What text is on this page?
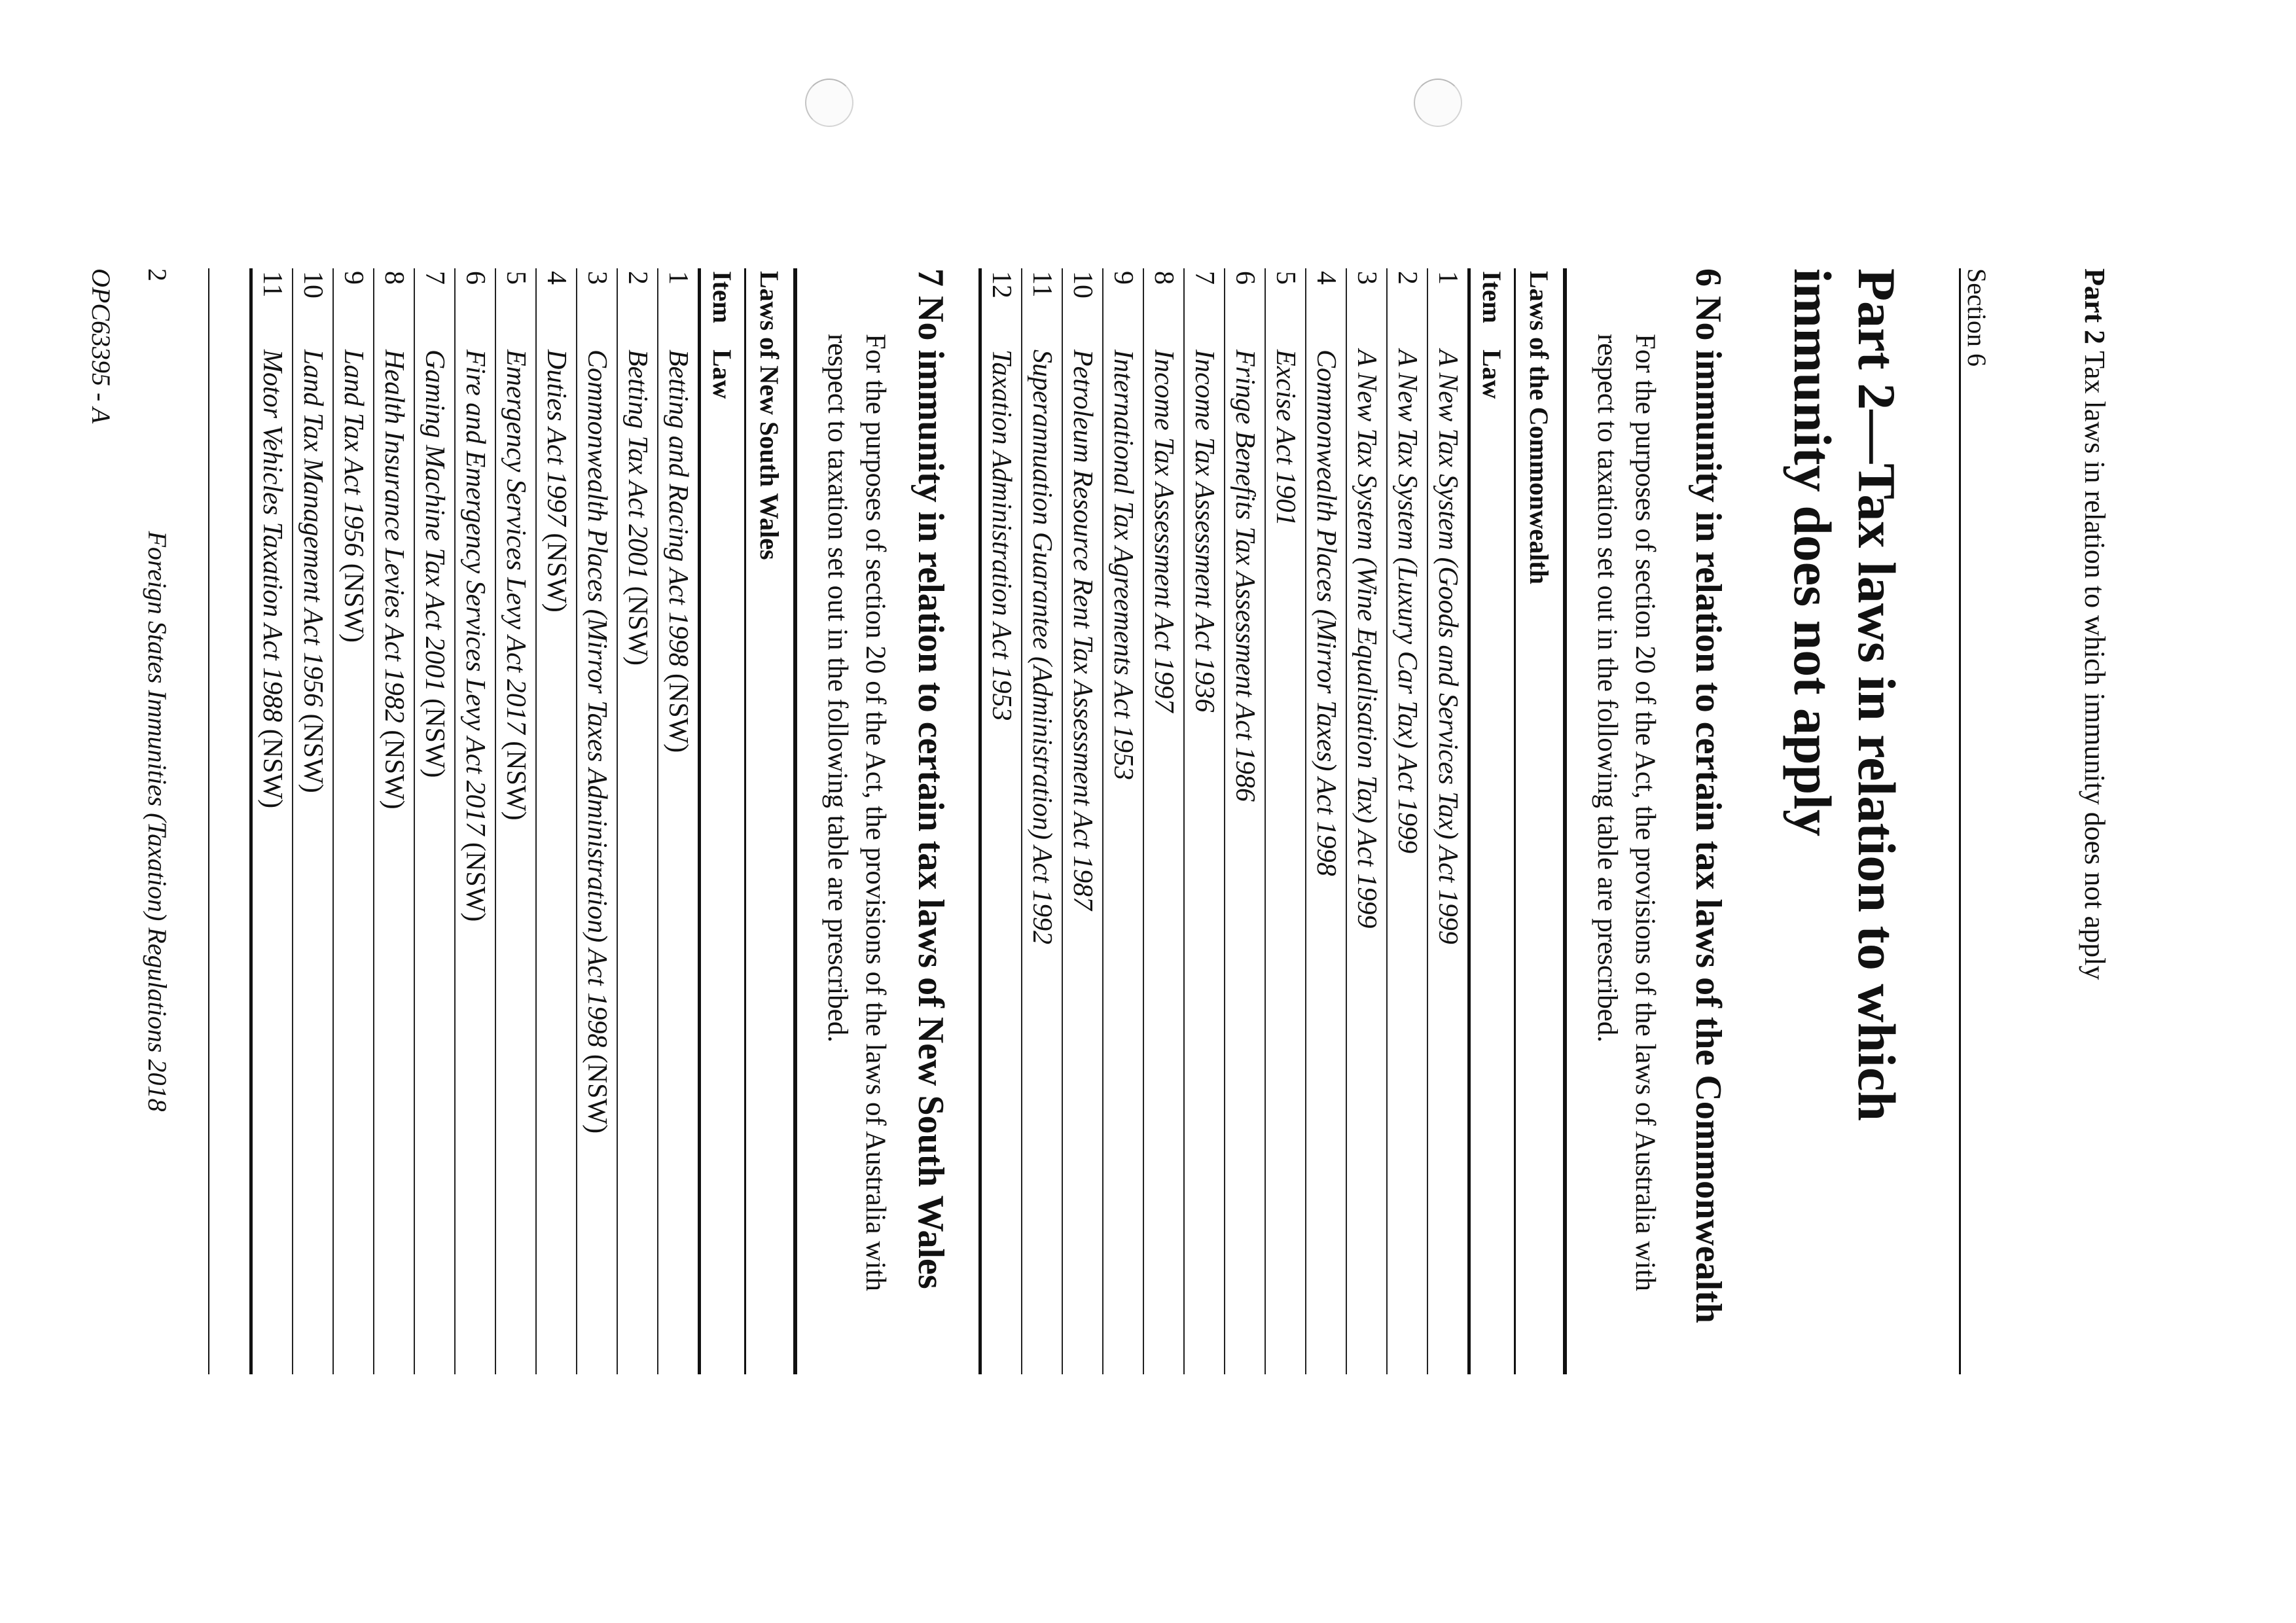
Part 2 Tax laws in relation to which immunity does not apply
Section 6
Part 2—Tax laws in relation to which immunity does not apply
6 No immunity in relation to certain tax laws of the Commonwealth
For the purposes of section 20 of the Act, the provisions of the laws of Australia with respect to taxation set out in the following table are prescribed.
Laws of the Commonwealth	
Item	Law
1	A New Tax System (Goods and Services Tax) Act 1999
2	A New Tax System (Luxury Car Tax) Act 1999
3	A New Tax System (Wine Equalisation Tax) Act 1999
4	Commonwealth Places (Mirror Taxes) Act 1998
5	Excise Act 1901
6	Fringe Benefits Tax Assessment Act 1986
7	Income Tax Assessment Act 1936
8	Income Tax Assessment Act 1997
9	International Tax Agreements Act 1953
10	Petroleum Resource Rent Tax Assessment Act 1987
11	Superannuation Guarantee (Administration) Act 1992
12	Taxation Administration Act 1953
7 No immunity in relation to certain tax laws of New South Wales
For the purposes of section 20 of the Act, the provisions of the laws of Australia with respect to taxation set out in the following table are prescribed.
Laws of New South Wales	
Item	Law
1	Betting and Racing Act 1998 (NSW)
2	Betting Tax Act 2001 (NSW)
3	Commonwealth Places (Mirror Taxes Administration) Act 1998 (NSW)
4	Duties Act 1997 (NSW)
5	Emergency Services Levy Act 2017 (NSW)
6	Fire and Emergency Services Levy Act 2017 (NSW)
7	Gaming Machine Tax Act 2001 (NSW)
8	Health Insurance Levies Act 1982 (NSW)
9	Land Tax Act 1956 (NSW)
10	Land Tax Management Act 1956 (NSW)
11	Motor Vehicles Taxation Act 1988 (NSW)
2
Foreign States Immunities (Taxation) Regulations 2018
OPC63395 - A
